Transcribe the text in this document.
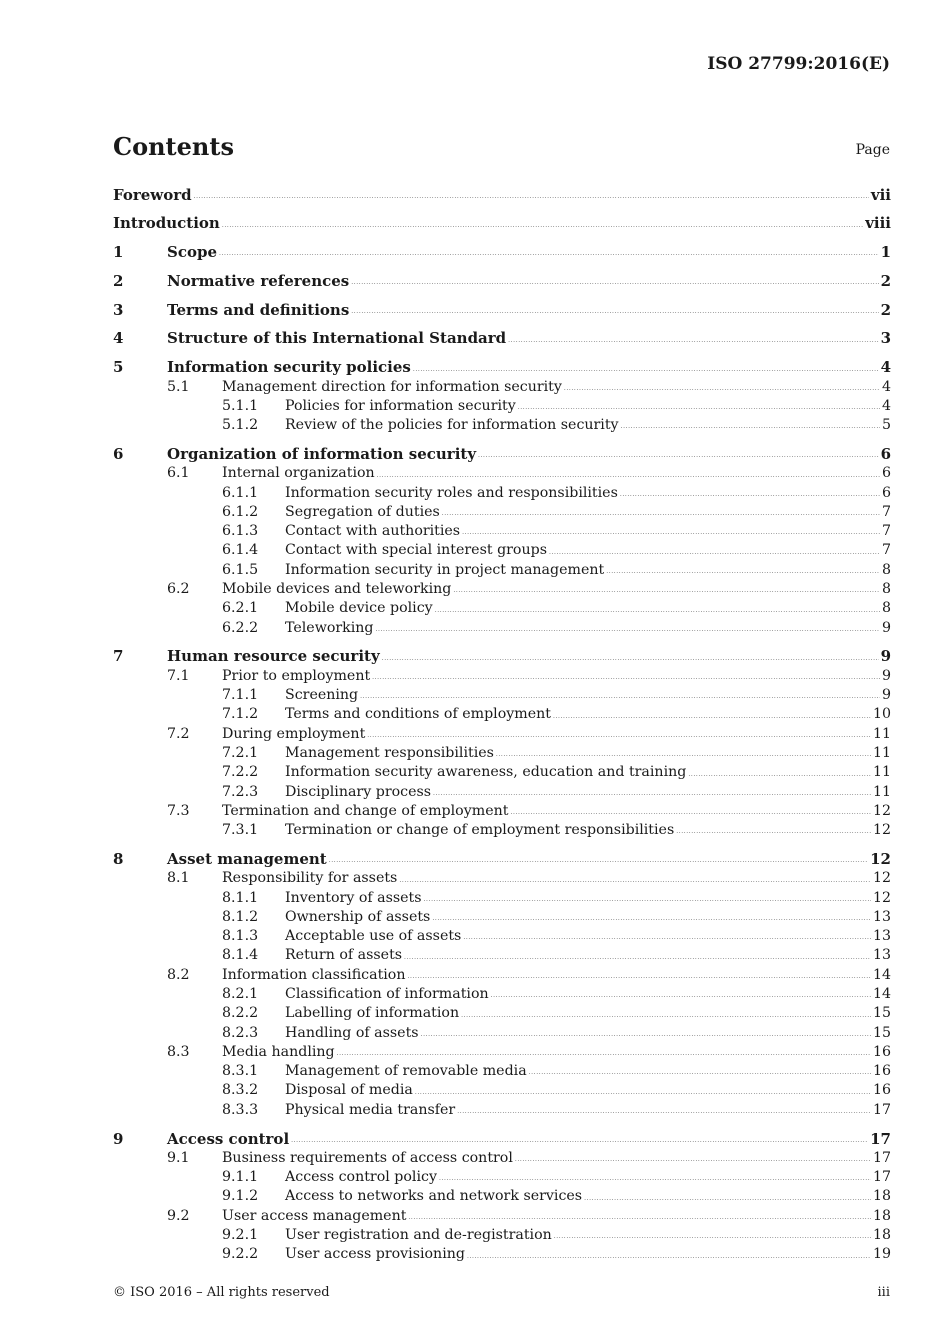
ISO 27799:2016(E)
Contents	Page
Foreword .....	vii
Introduction .....	viii
1	Scope .....	1
2	Normative references .....	2
3	Terms and definitions .....	2
4	Structure of this International Standard .....	3
5	Information security policies .....	4
5.1	Management direction for information security .....	4
5.1.1	Policies for information security .....	4
5.1.2	Review of the policies for information security .....	5
6	Organization of information security .....	6
6.1	Internal organization .....	6
6.1.1	Information security roles and responsibilities .....	6
6.1.2	Segregation of duties .....	7
6.1.3	Contact with authorities .....	7
6.1.4	Contact with special interest groups .....	7
6.1.5	Information security in project management .....	8
6.2	Mobile devices and teleworking .....	8
6.2.1	Mobile device policy .....	8
6.2.2	Teleworking .....	9
7	Human resource security .....	9
7.1	Prior to employment .....	9
7.1.1	Screening .....	9
7.1.2	Terms and conditions of employment .....	10
7.2	During employment .....	11
7.2.1	Management responsibilities .....	11
7.2.2	Information security awareness, education and training .....	11
7.2.3	Disciplinary process .....	11
7.3	Termination and change of employment .....	12
7.3.1	Termination or change of employment responsibilities .....	12
8	Asset management .....	12
8.1	Responsibility for assets .....	12
8.1.1	Inventory of assets .....	12
8.1.2	Ownership of assets .....	13
8.1.3	Acceptable use of assets .....	13
8.1.4	Return of assets .....	13
8.2	Information classification .....	14
8.2.1	Classification of information .....	14
8.2.2	Labelling of information .....	15
8.2.3	Handling of assets .....	15
8.3	Media handling .....	16
8.3.1	Management of removable media .....	16
8.3.2	Disposal of media .....	16
8.3.3	Physical media transfer .....	17
9	Access control .....	17
9.1	Business requirements of access control .....	17
9.1.1	Access control policy .....	17
9.1.2	Access to networks and network services .....	18
9.2	User access management .....	18
9.2.1	User registration and de-registration .....	18
9.2.2	User access provisioning .....	19
© ISO 2016 – All rights reserved	iii
